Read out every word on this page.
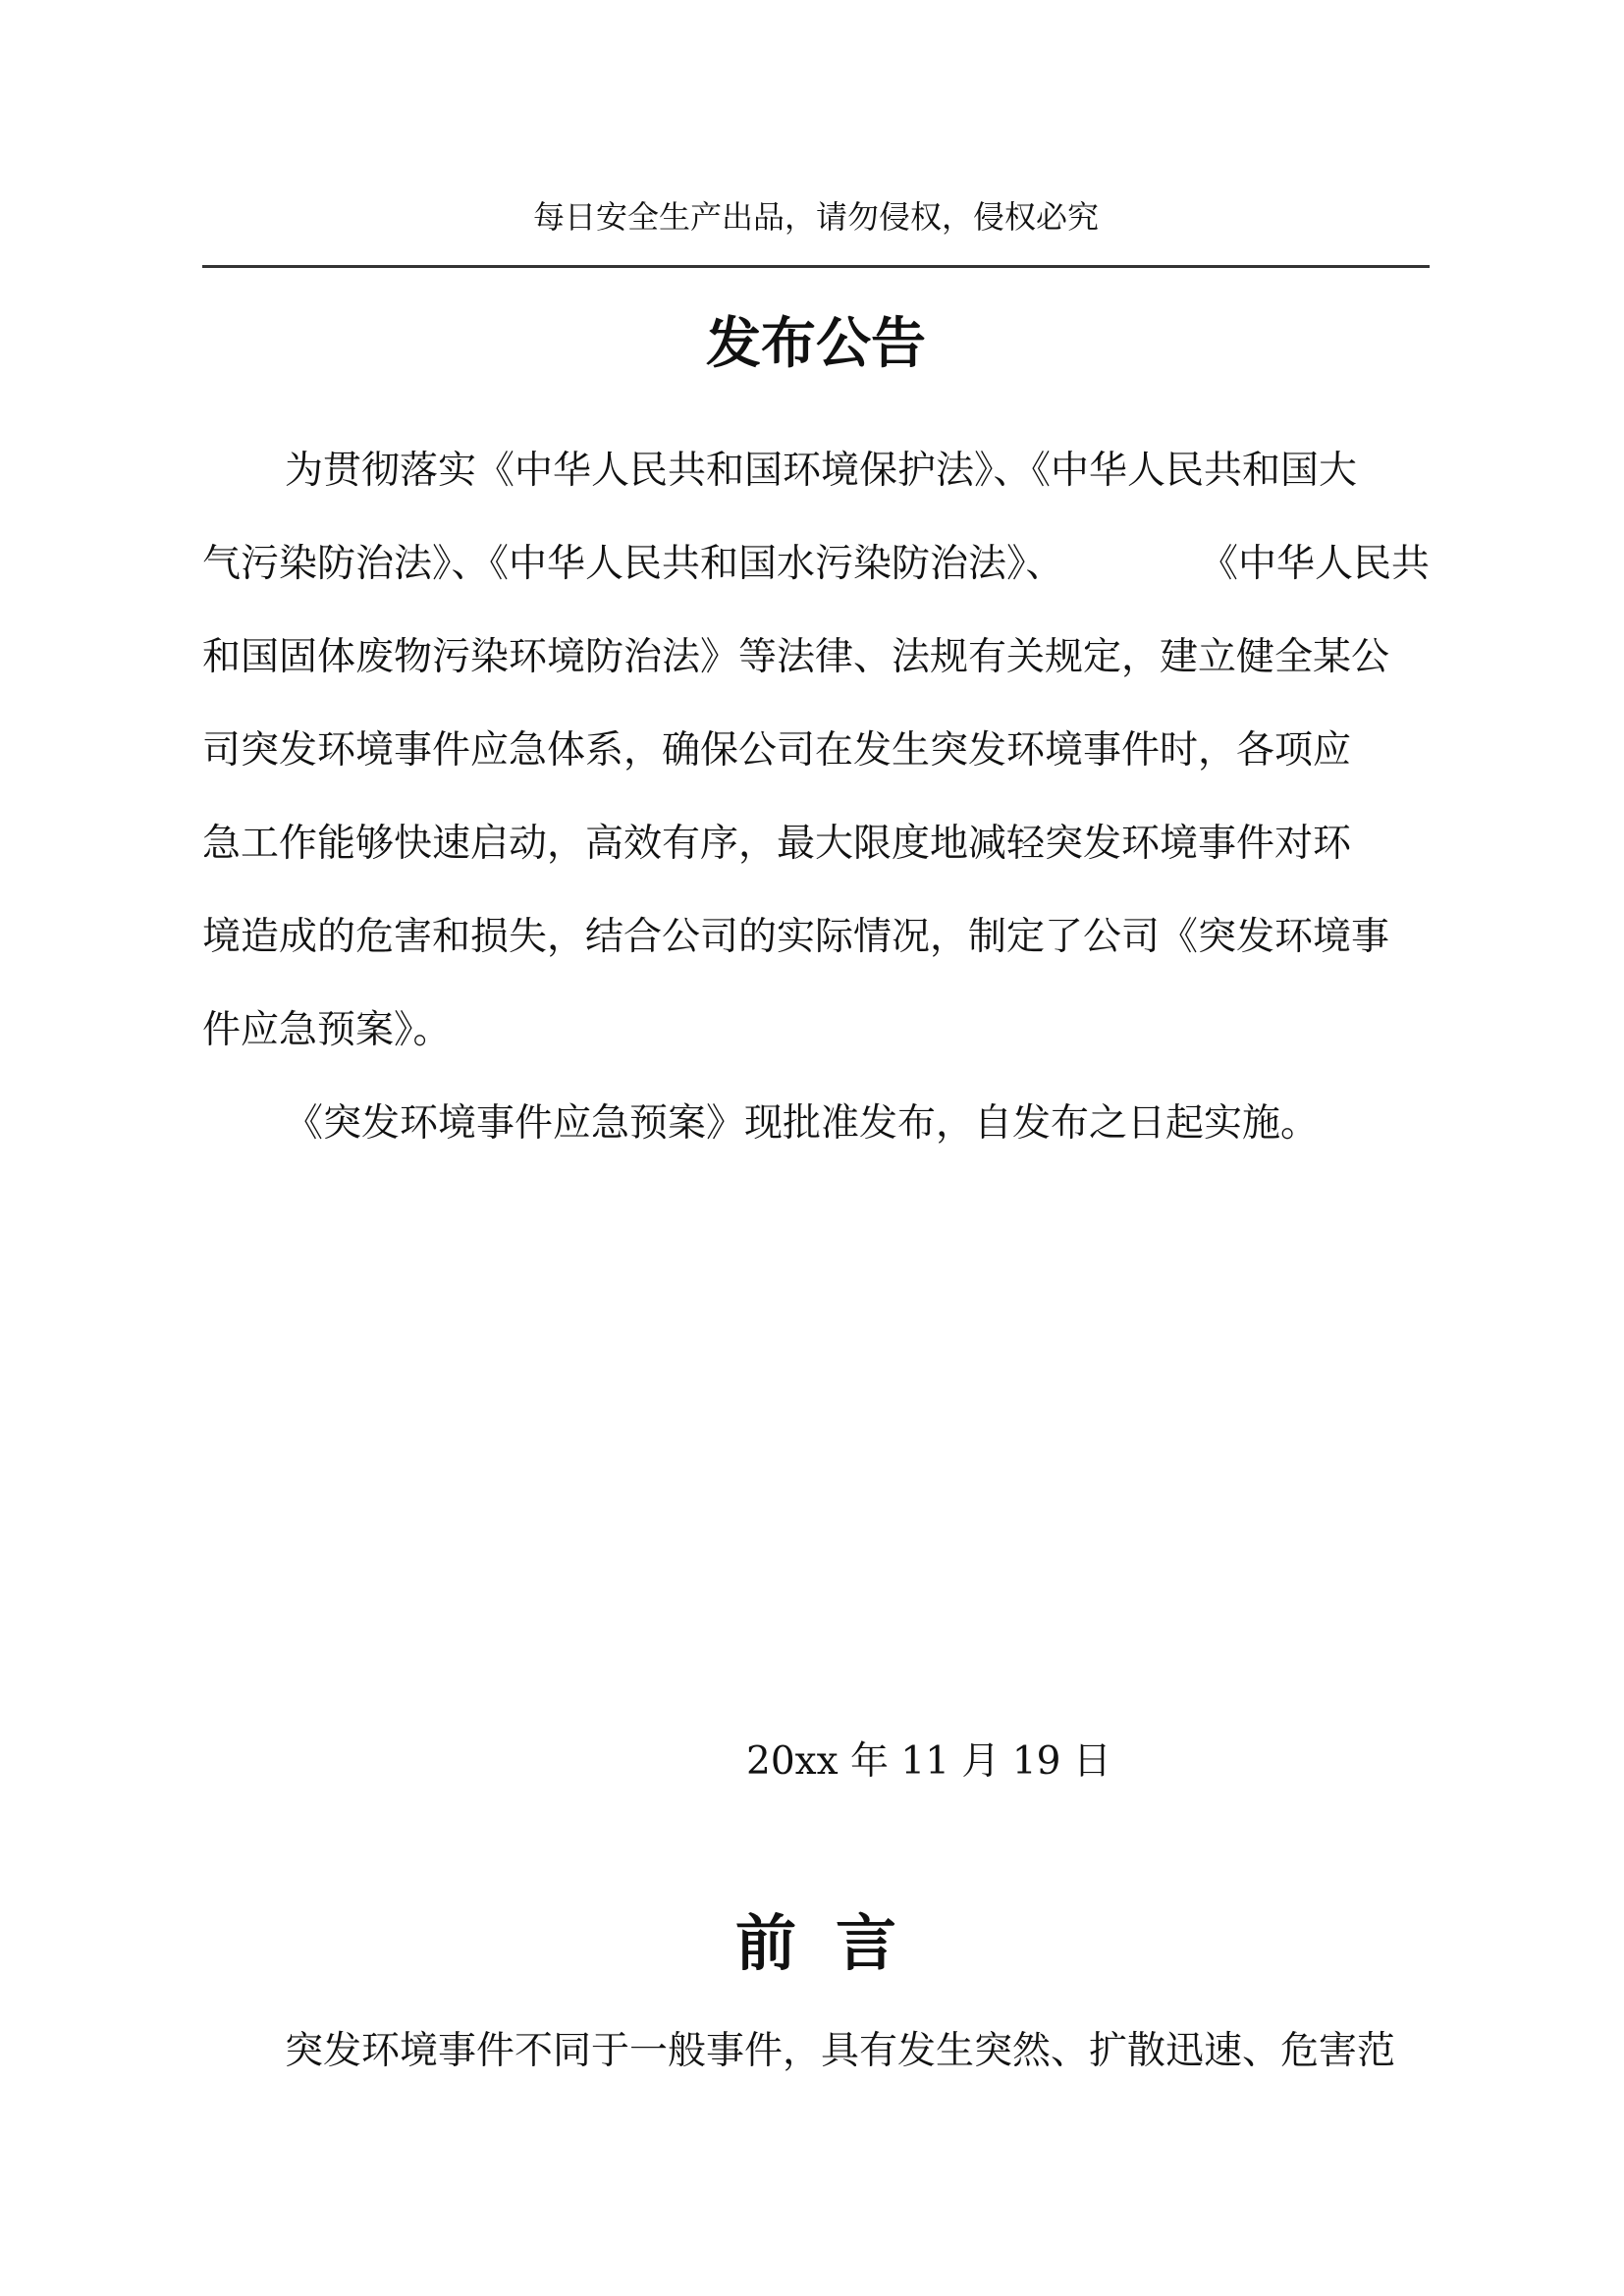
每日安全生产出品，请勿侵权，侵权必究
发布公告
为贯彻落实《中华人民共和国环境保护法》、《中华人民共和国大
气污染防治法》、《中华人民共和国水污染防治法》、	《中华人民共
和国固体废物污染环境防治法》等法律、法规有关规定，建立健全某公
司突发环境事件应急体系，确保公司在发生突发环境事件时，各项应
急工作能够快速启动，高效有序，最大限度地减轻突发环境事件对环
境造成的危害和损失，结合公司的实际情况，制定了公司《突发环境事
件应急预案》。
《突发环境事件应急预案》现批准发布，自发布之日起实施。
20xx 年 11 月 19 日
前言
突发环境事件不同于一般事件，具有发生突然、扩散迅速、危害范
